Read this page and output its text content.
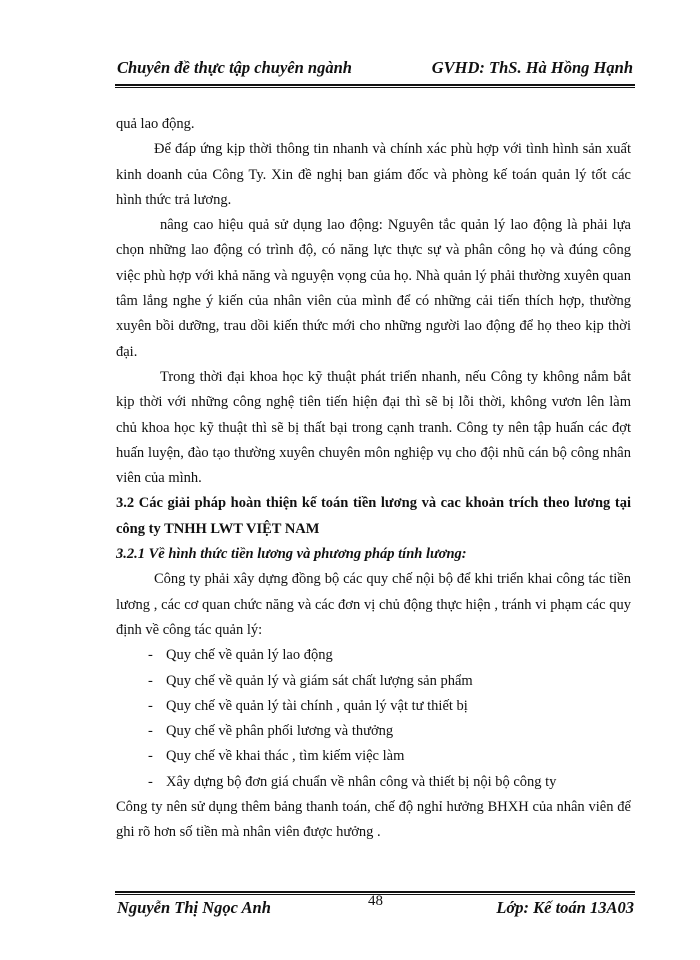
Chuyên đề thực tập chuyên ngành	GVHD: ThS. Hà Hồng Hạnh

quả lao động.

Để đáp ứng kịp thời thông tin nhanh và chính xác phù hợp với tình hình sản xuất kinh doanh của Công Ty. Xin đề nghị ban giám đốc và phòng kế toán quản lý tốt các hình thức trả lương.

nâng cao hiệu quả sử dụng lao động: Nguyên tắc quản lý lao động là phải lựa chọn những lao động có trình độ, có năng lực thực sự và phân công họ và đúng công việc phù hợp với khả năng và nguyện vọng của họ. Nhà quản lý phải thường xuyên quan tâm lắng nghe ý kiến của nhân viên của mình để có những cải tiến thích hợp, thường xuyên bồi dưỡng, trau dồi kiến thức mới cho những người lao động để họ theo kịp thời đại.

Trong thời đại khoa học kỹ thuật phát triển nhanh, nếu Công ty không nắm bắt kịp thời với những công nghệ tiên tiến hiện đại thì sẽ bị lỗi thời, không vươn lên làm chủ khoa học kỹ thuật thì sẽ bị thất bại trong cạnh tranh. Công ty nên tập huấn các đợt huấn luyện, đào tạo thường xuyên chuyên môn nghiệp vụ cho đội nhũ cán bộ công nhân viên của mình.

3.2 Các giải pháp hoàn thiện kế toán tiền lương và cac khoản trích theo lương tại công ty TNHH LWT VIỆT NAM

3.2.1 Về hình thức tiền lương và phương pháp tính lương:

Công ty phải xây dựng đồng bộ các quy chế nội bộ để khi triển khai công tác tiền lương , các cơ quan chức năng và các đơn vị chủ động thực hiện , tránh vi phạm các quy định về công tác quản lý:

- Quy chế về quản lý lao động
- Quy chế về quản lý và giám sát chất lượng sản phẩm
- Quy chế về quản lý tài chính , quản lý vật tư thiết bị
- Quy chế về phân phối lương và thưởng
- Quy chế về khai thác , tìm kiếm việc làm
- Xây dựng bộ đơn giá chuẩn về nhân công và thiết bị nội bộ công ty

Công ty nên sử dụng thêm bảng thanh toán, chế độ nghỉ hưởng BHXH của nhân viên để ghi rõ hơn số tiền mà nhân viên được hưởng .

Nguyễn Thị Ngọc Anh	48	Lớp: Kế toán 13A03
